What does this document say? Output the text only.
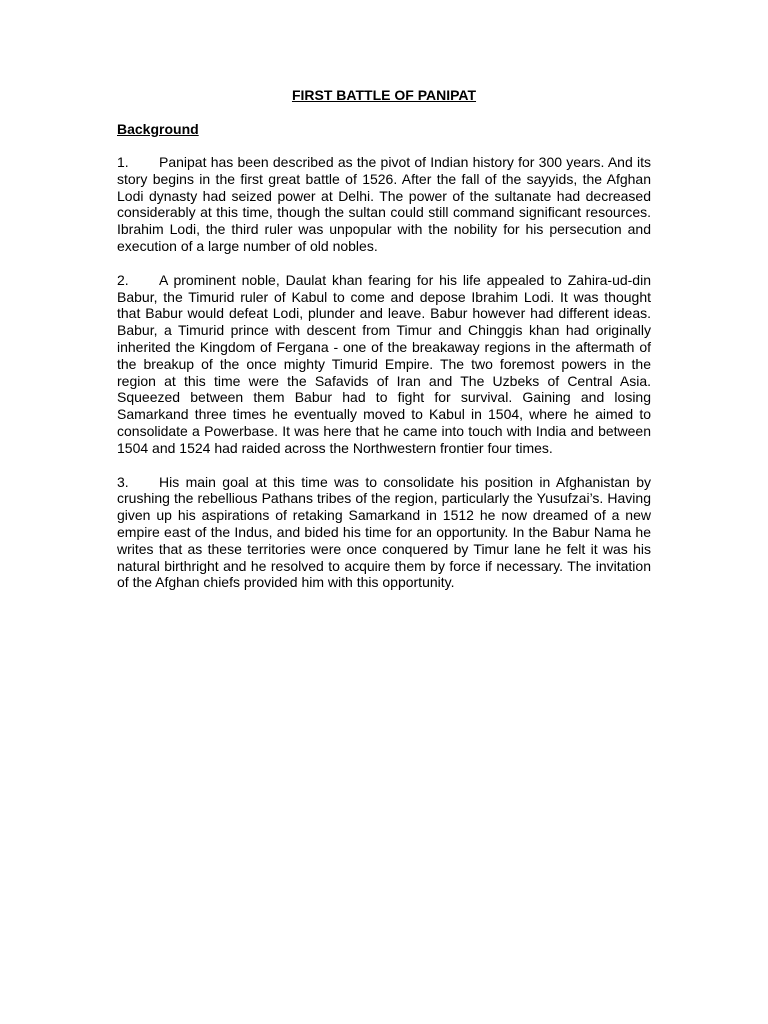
FIRST BATTLE OF PANIPAT
Background

1. Panipat has been described as the pivot of Indian history for 300 years. And its story begins in the first great battle of 1526. After the fall of the sayyids, the Afghan Lodi dynasty had seized power at Delhi. The power of the sultanate had decreased considerably at this time, though the sultan could still command significant resources. Ibrahim Lodi, the third ruler was unpopular with the nobility for his persecution and execution of a large number of old nobles.

2. A prominent noble, Daulat khan fearing for his life appealed to Zahira-ud-din Babur, the Timurid ruler of Kabul to come and depose Ibrahim Lodi. It was thought that Babur would defeat Lodi, plunder and leave. Babur however had different ideas. Babur, a Timurid prince with descent from Timur and Chinggis khan had originally inherited the Kingdom of Fergana - one of the breakaway regions in the aftermath of the breakup of the once mighty Timurid Empire. The two foremost powers in the region at this time were the Safavids of Iran and The Uzbeks of Central Asia. Squeezed between them Babur had to fight for survival. Gaining and losing Samarkand three times he eventually moved to Kabul in 1504, where he aimed to consolidate a Powerbase. It was here that he came into touch with India and between 1504 and 1524 had raided across the Northwestern frontier four times.

3. His main goal at this time was to consolidate his position in Afghanistan by crushing the rebellious Pathans tribes of the region, particularly the Yusufzai’s. Having given up his aspirations of retaking Samarkand in 1512 he now dreamed of a new empire east of the Indus, and bided his time for an opportunity. In the Babur Nama he writes that as these territories were once conquered by Timur lane he felt it was his natural birthright and he resolved to acquire them by force if necessary. The invitation of the Afghan chiefs provided him with this opportunity.
